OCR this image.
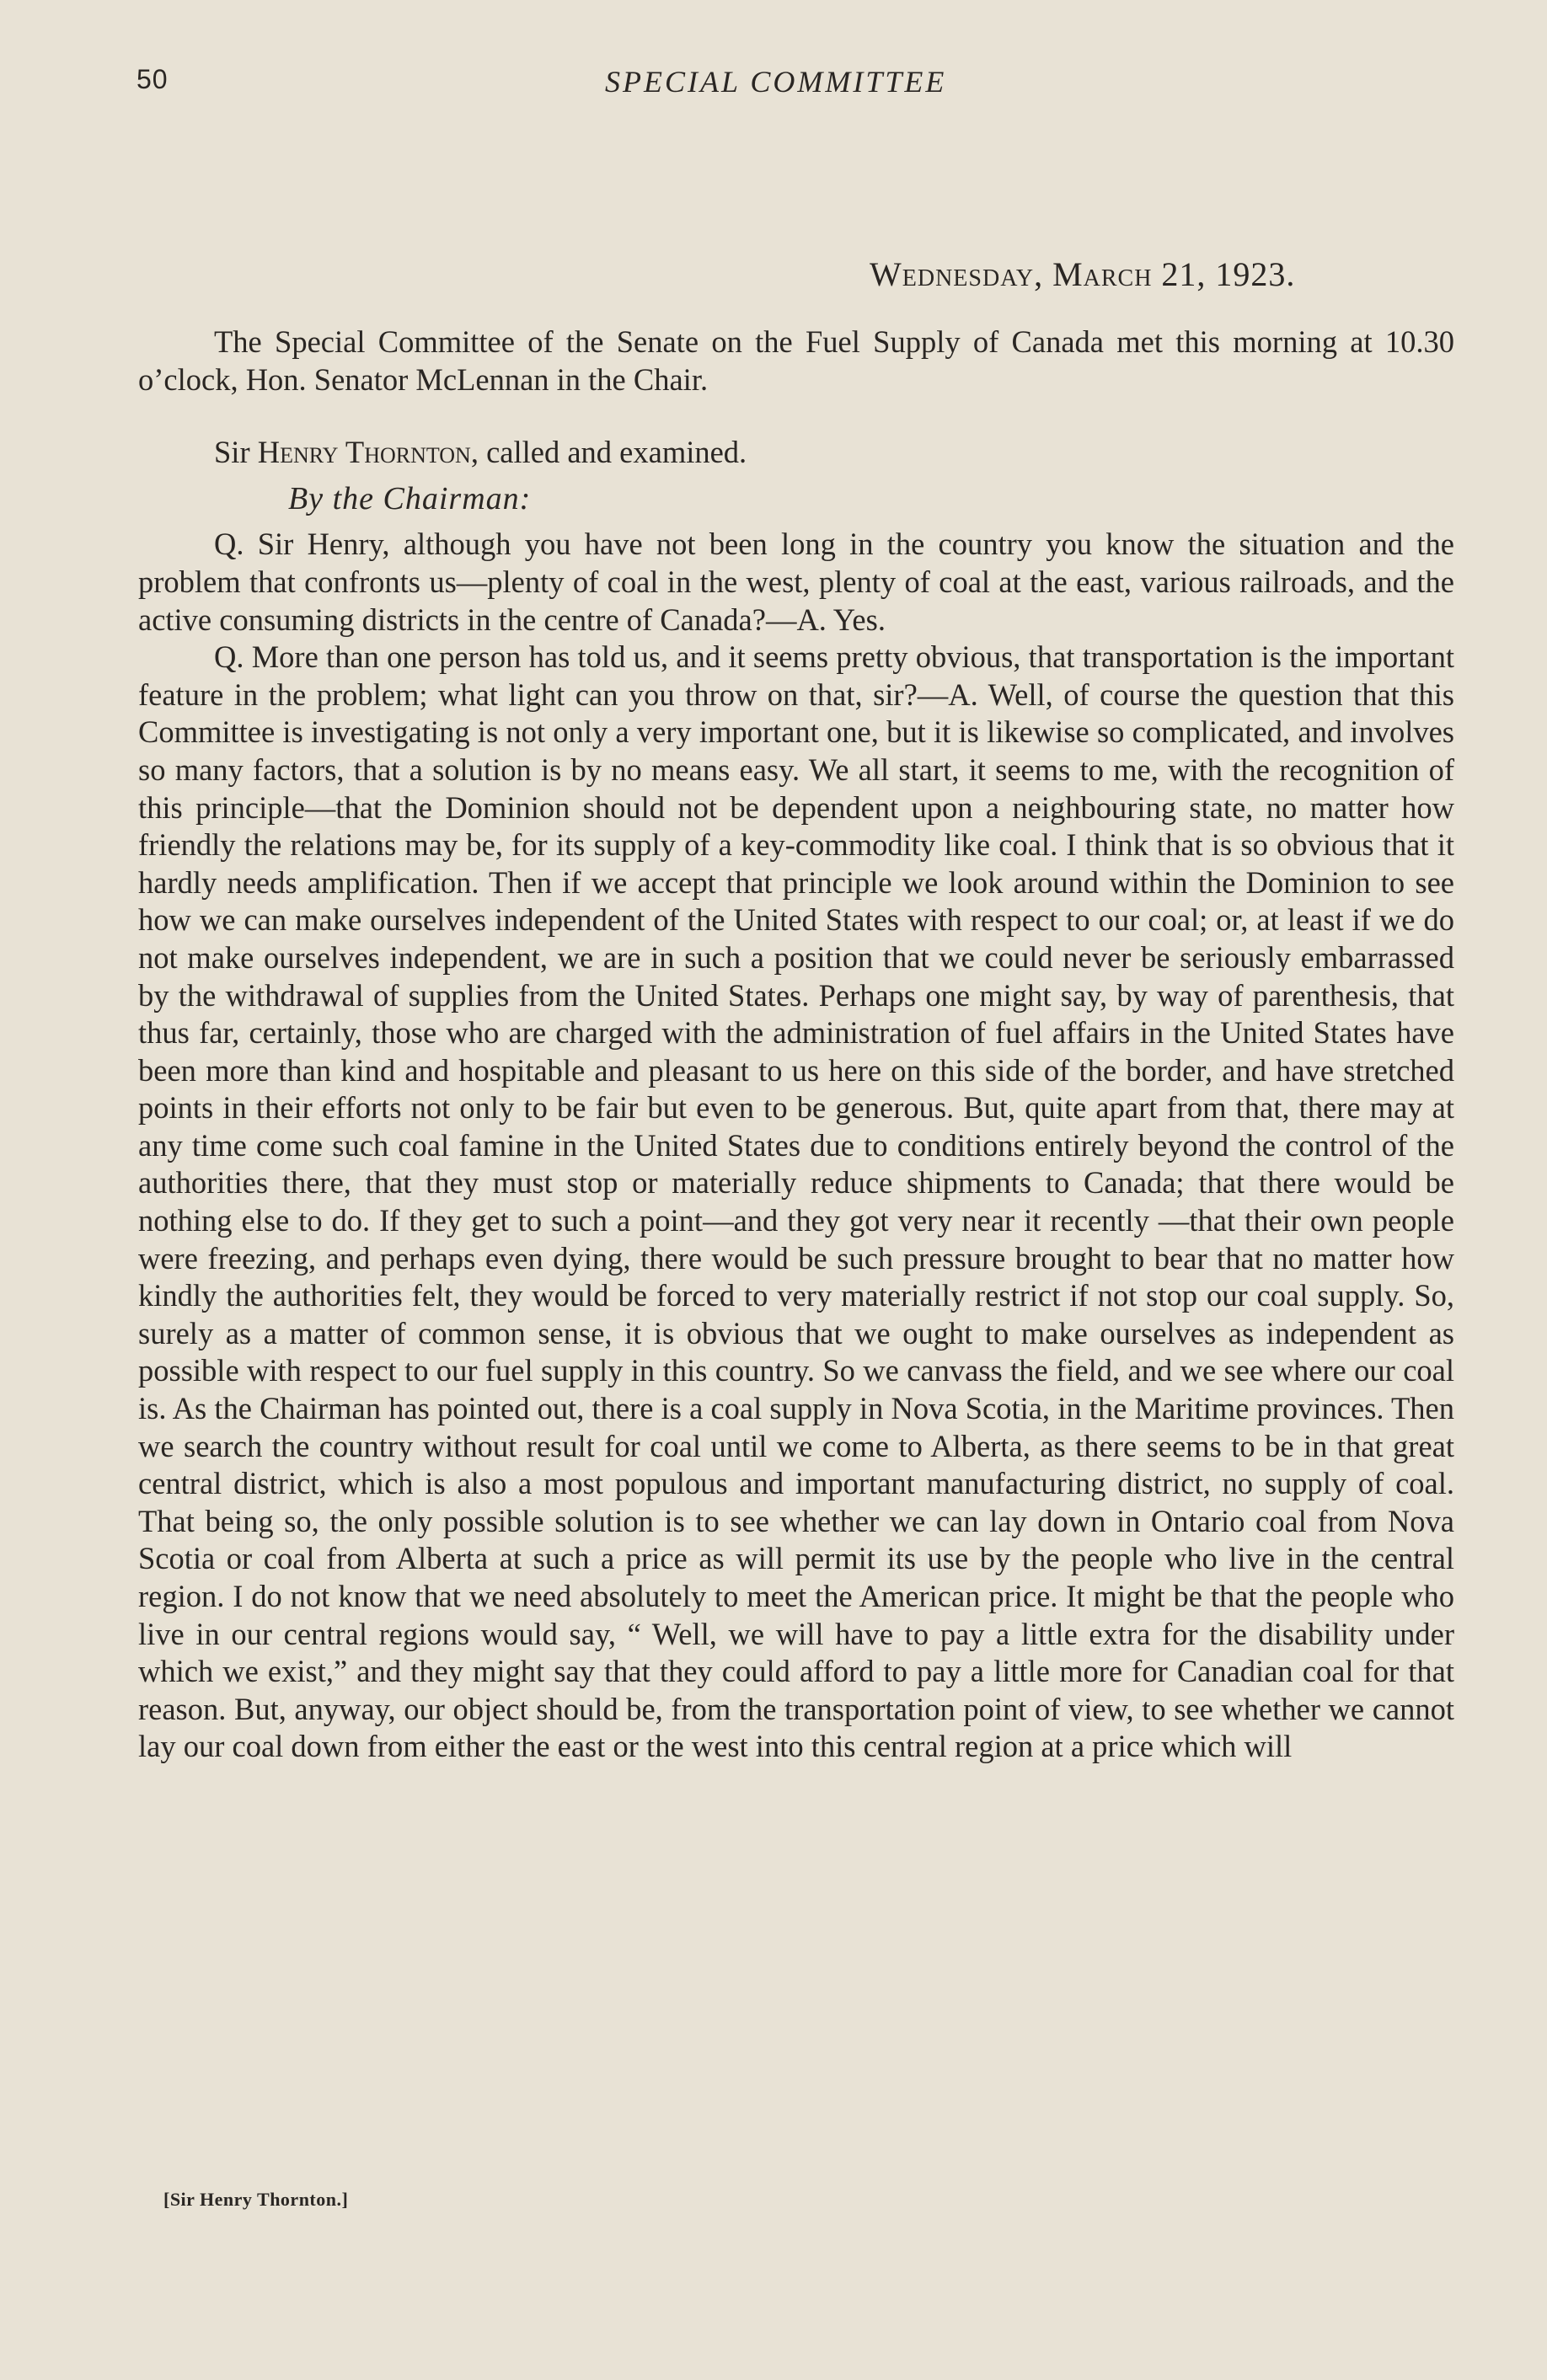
50	SPECIAL COMMITTEE
Wednesday, March 21, 1923.

The Special Committee of the Senate on the Fuel Supply of Canada met this morning at 10.30 o’clock, Hon. Senator McLennan in the Chair.

Sir Henry Thornton, called and examined.

By the Chairman:

Q. Sir Henry, although you have not been long in the country you know the situation and the problem that confronts us—plenty of coal in the west, plenty of coal at the east, various railroads, and the active consuming districts in the centre of Canada?—A. Yes.

Q. More than one person has told us, and it seems pretty obvious, that transportation is the important feature in the problem; what light can you throw on that, sir?—A. Well, of course the question that this Committee is investigating is not only a very important one, but it is likewise so complicated, and involves so many factors, that a solution is by no means easy. We all start, it seems to me, with the recognition of this principle—that the Dominion should not be dependent upon a neighbouring state, no matter how friendly the relations may be, for its supply of a key-commodity like coal. I think that is so obvious that it hardly needs amplification. Then if we accept that principle we look around within the Dominion to see how we can make ourselves independent of the United States with respect to our coal; or, at least if we do not make ourselves independent, we are in such a position that we could never be seriously embarrassed by the withdrawal of supplies from the United States. Perhaps one might say, by way of parenthesis, that thus far, certainly, those who are charged with the administration of fuel affairs in the United States have been more than kind and hospitable and pleasant to us here on this side of the border, and have stretched points in their efforts not only to be fair but even to be generous. But, quite apart from that, there may at any time come such coal famine in the United States due to conditions entirely beyond the control of the authorities there, that they must stop or materially reduce shipments to Canada; that there would be nothing else to do. If they get to such a point—and they got very near it recently —that their own people were freezing, and perhaps even dying, there would be such pressure brought to bear that no matter how kindly the authorities felt, they would be forced to very materially restrict if not stop our coal supply. So, surely as a matter of common sense, it is obvious that we ought to make ourselves as independent as possible with respect to our fuel supply in this country. So we canvass the field, and we see where our coal is. As the Chairman has pointed out, there is a coal supply in Nova Scotia, in the Maritime provinces. Then we search the country without result for coal until we come to Alberta, as there seems to be in that great central district, which is also a most populous and important manufacturing district, no supply of coal. That being so, the only possible solution is to see whether we can lay down in Ontario coal from Nova Scotia or coal from Alberta at such a price as will permit its use by the people who live in the central region. I do not know that we need absolutely to meet the American price. It might be that the people who live in our central regions would say, “ Well, we will have to pay a little extra for the disability under which we exist,” and they might say that they could afford to pay a little more for Canadian coal for that reason. But, anyway, our object should be, from the transportation point of view, to see whether we cannot lay our coal down from either the east or the west into this central region at a price which will

[Sir Henry Thornton.]
